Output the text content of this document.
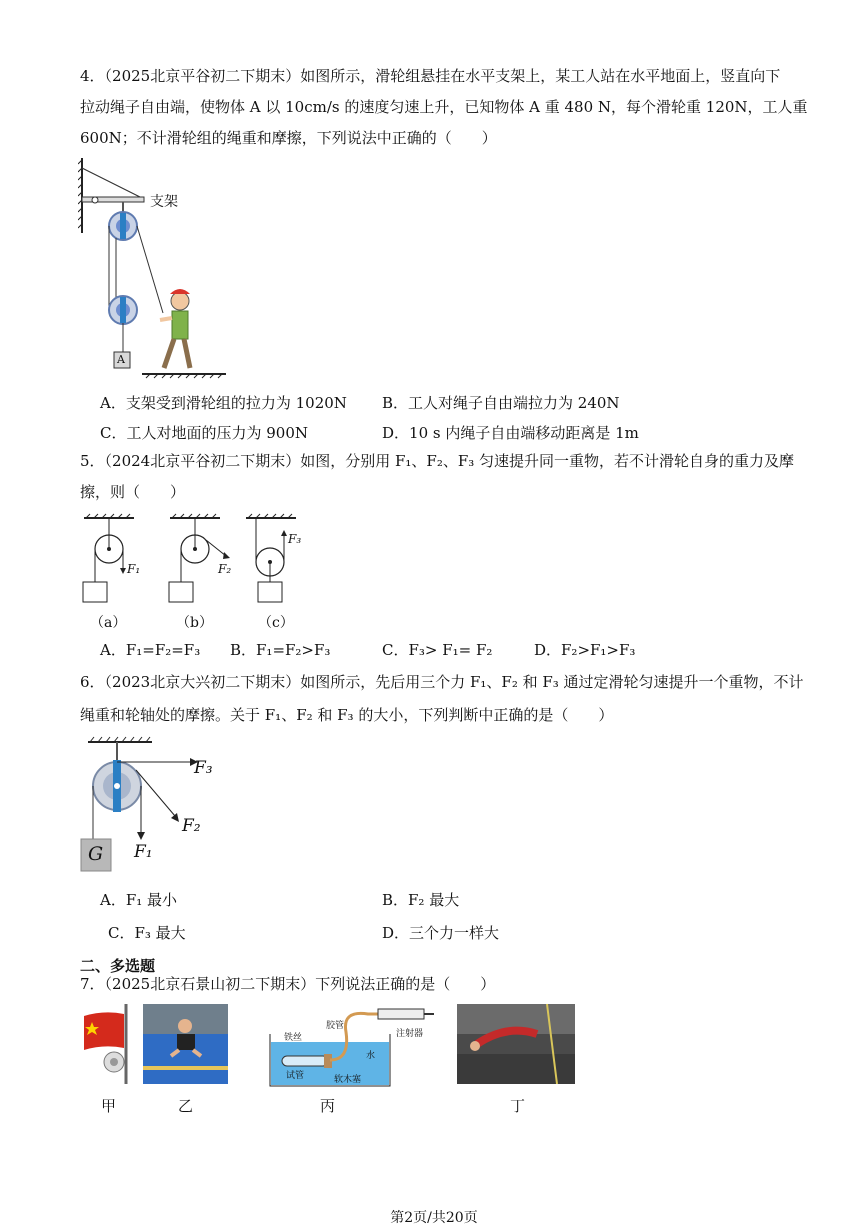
4．（2025北京平谷初二下期末）如图所示，滑轮组悬挂在水平支架上，某工人站在水平地面上，竖直向下
拉动绳子自由端，使物体 A 以 10cm/s 的速度匀速上升，已知物体 A 重 480 N，每个滑轮重 120N，工人重
600N；不计滑轮组的绳重和摩擦，下列说法中正确的（　　）
支架
A
A．支架受到滑轮组的拉力为 1020N B．工人对绳子自由端拉力为 240N
C．工人对地面的压力为 900N	D．10 s 内绳子自由端移动距离是 1m
5．（2024北京平谷初二下期末）如图，分别用 F₁、F₂、F₃ 匀速提升同一重物，若不计滑轮自身的重力及摩
擦，则（　　）
F₁	F₂
F₃
（a）	（b）	（c）
A．F₁=F₂=F₃ B．F₁=F₂>F₃	C．F₃> F₁= F₂	D．F₂>F₁>F₃
6．（2023北京大兴初二下期末）如图所示，先后用三个力 F₁、F₂ 和 F₃ 通过定滑轮匀速提升一个重物，不计
绳重和轮轴处的摩擦。关于 F₁、F₂ 和 F₃ 的大小，下列判断中正确的是（　　）
F₃
F₂
F₁
G
A．F₁ 最小	B．F₂ 最大
C．F₃ 最大	D．三个力一样大
二、多选题
7．（2025北京石景山初二下期末）下列说法正确的是（　　）
铁丝
胶管
注射器
水
试管	软木塞
甲	乙	丙	丁
第2页/共20页
